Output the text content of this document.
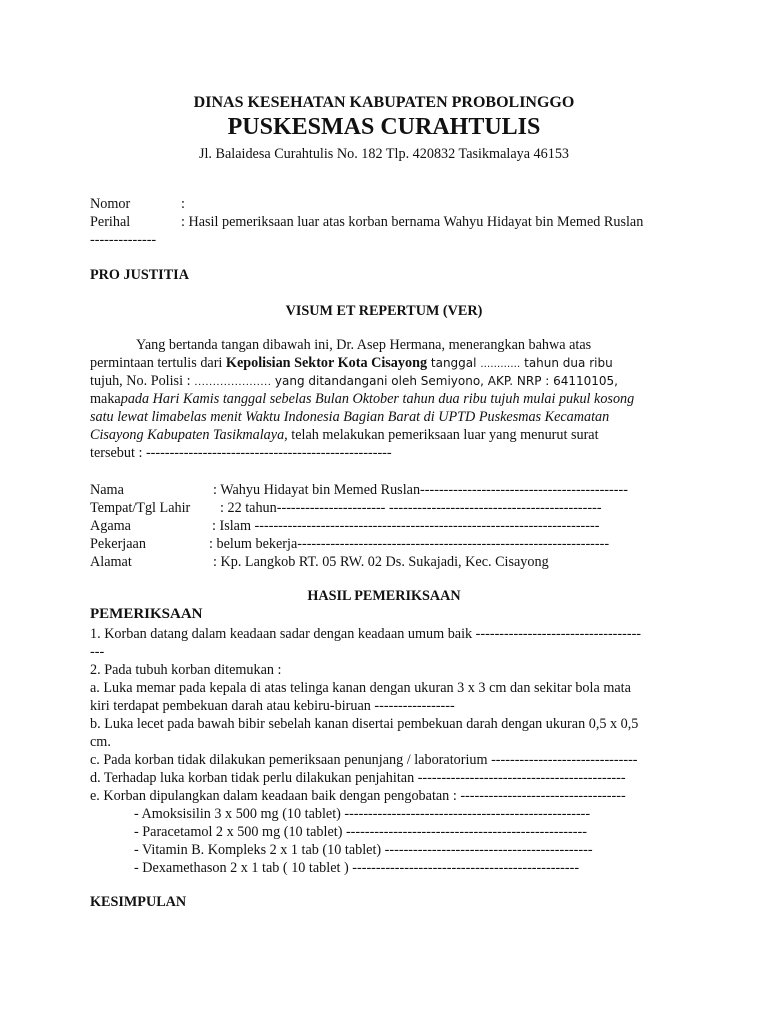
DINAS KESEHATAN KABUPATEN PROBOLINGGO
PUSKESMAS CURAHTULIS
Jl. Balaidesa Curahtulis No. 182 Tlp. 420832 Tasikmalaya 46153
Nomor	:
Perihal	: Hasil pemeriksaan luar atas korban bernama Wahyu Hidayat bin Memed Ruslan
--------------
PRO JUSTITIA
VISUM ET REPERTUM (VER)
Yang bertanda tangan dibawah ini, Dr. Asep Hermana, menerangkan bahwa atas
permintaan tertulis dari Kepolisian Sektor Kota Cisayong tanggal ………… tahun dua ribu
tujuh, No. Polisi : ………………… yang ditandangani oleh Semiyono, AKP. NRP : 64110105,
makapada Hari Kamis tanggal sebelas Bulan Oktober tahun dua ribu tujuh mulai pukul kosong
satu lewat limabelas menit Waktu Indonesia Bagian Barat di UPTD Puskesmas Kecamatan
Cisayong Kabupaten Tasikmalaya, telah melakukan pemeriksaan luar yang menurut surat
tersebut : ----------------------------------------------------
Nama	: Wahyu Hidayat bin Memed Ruslan--------------------------------------------
Tempat/Tgl Lahir : 22 tahun----------------------- ---------------------------------------------
Agama	: Islam -------------------------------------------------------------------------
Pekerjaan	: belum bekerja------------------------------------------------------------------
Alamat	: Kp. Langkob RT. 05 RW. 02 Ds. Sukajadi, Kec. Cisayong
HASIL PEMERIKSAAN
PEMERIKSAAN
1. Korban datang dalam keadaan sadar dengan keadaan umum baik -----------------------------------
---
2. Pada tubuh korban ditemukan :
a. Luka memar pada kepala di atas telinga kanan dengan ukuran 3 x 3 cm dan sekitar bola mata
kiri terdapat pembekuan darah atau kebiru-biruan -----------------
b. Luka lecet pada bawah bibir sebelah kanan disertai pembekuan darah dengan ukuran 0,5 x 0,5
cm.
c. Pada korban tidak dilakukan pemeriksaan penunjang / laboratorium -------------------------------
d. Terhadap luka korban tidak perlu dilakukan penjahitan --------------------------------------------
e. Korban dipulangkan dalam keadaan baik dengan pengobatan : -----------------------------------
- Amoksisilin 3 x 500 mg (10 tablet) ----------------------------------------------------
- Paracetamol 2 x 500 mg (10 tablet) ---------------------------------------------------
- Vitamin B. Kompleks 2 x 1 tab (10 tablet) --------------------------------------------
- Dexamethason 2 x 1 tab ( 10 tablet ) ------------------------------------------------
KESIMPULAN
